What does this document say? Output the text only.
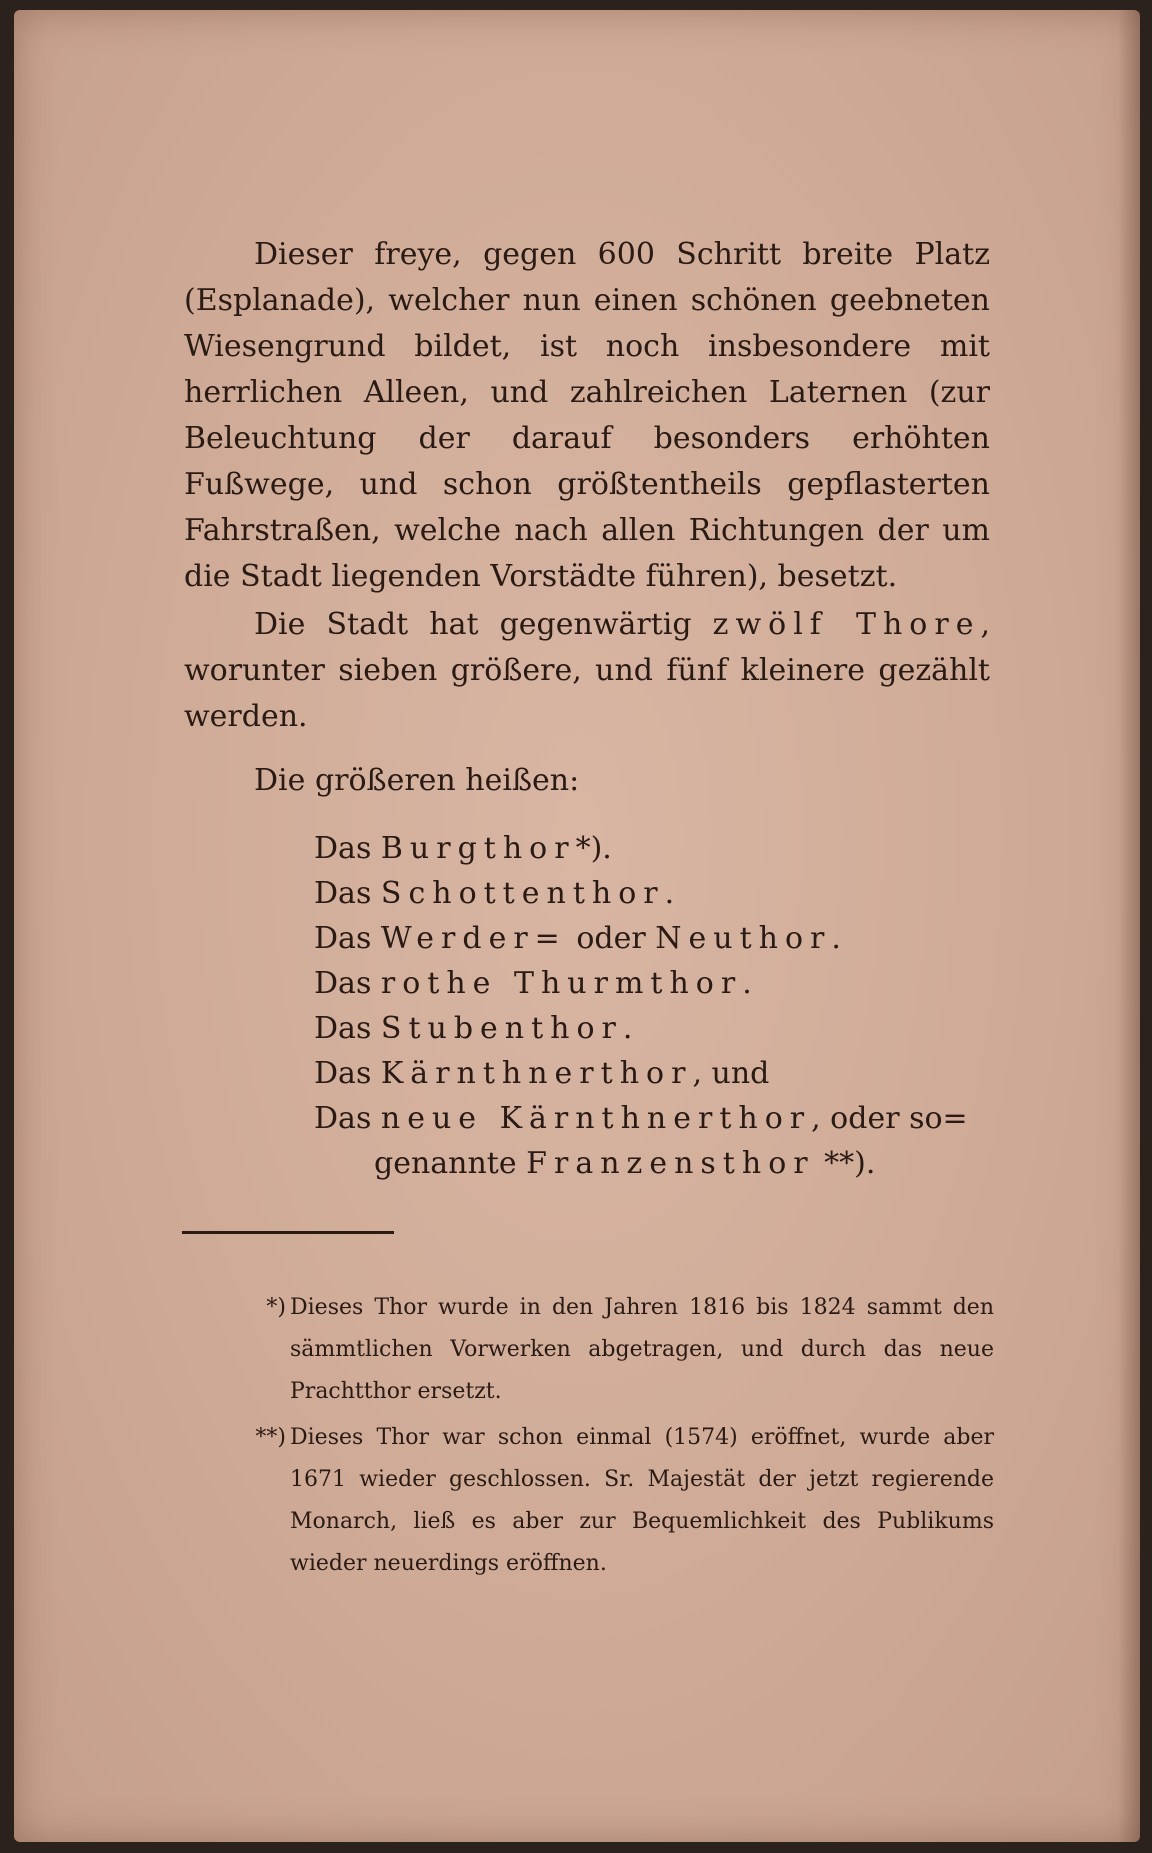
Dieser freye, gegen 600 Schritt breite Platz (Esplanade), welcher nun einen schönen geebneten Wiesengrund bildet, ist noch insbesondere mit herrlichen Alleen, und zahlreichen Laternen (zur Beleuchtung der darauf besonders erhöhten Fußwege, und schon größtentheils gepflasterten Fahrstraßen, welche nach allen Richtungen der um die Stadt liegenden Vorstädte führen), besetzt.

Die Stadt hat gegenwärtig zwölf Thore, worunter sieben größere, und fünf kleinere gezählt werden.

Die größeren heißen:
Das Burgthor*).
Das Schottenthor.
Das Werder= oder Neuthor.
Das rothe Thurmthor.
Das Stubenthor.
Das Kärnthnerthor, und
Das neue Kärnthnerthor, oder so=
genannte Franzensthor **).

*) Dieses Thor wurde in den Jahren 1816 bis 1824 sammt den sämmtlichen Vorwerken abgetragen, und durch das neue Prachtthor ersetzt.

**) Dieses Thor war schon einmal (1574) eröffnet, wurde aber 1671 wieder geschlossen. Sr. Majestät der jetzt regierende Monarch, ließ es aber zur Bequemlichkeit des Publikums wieder neuerdings eröffnen.
